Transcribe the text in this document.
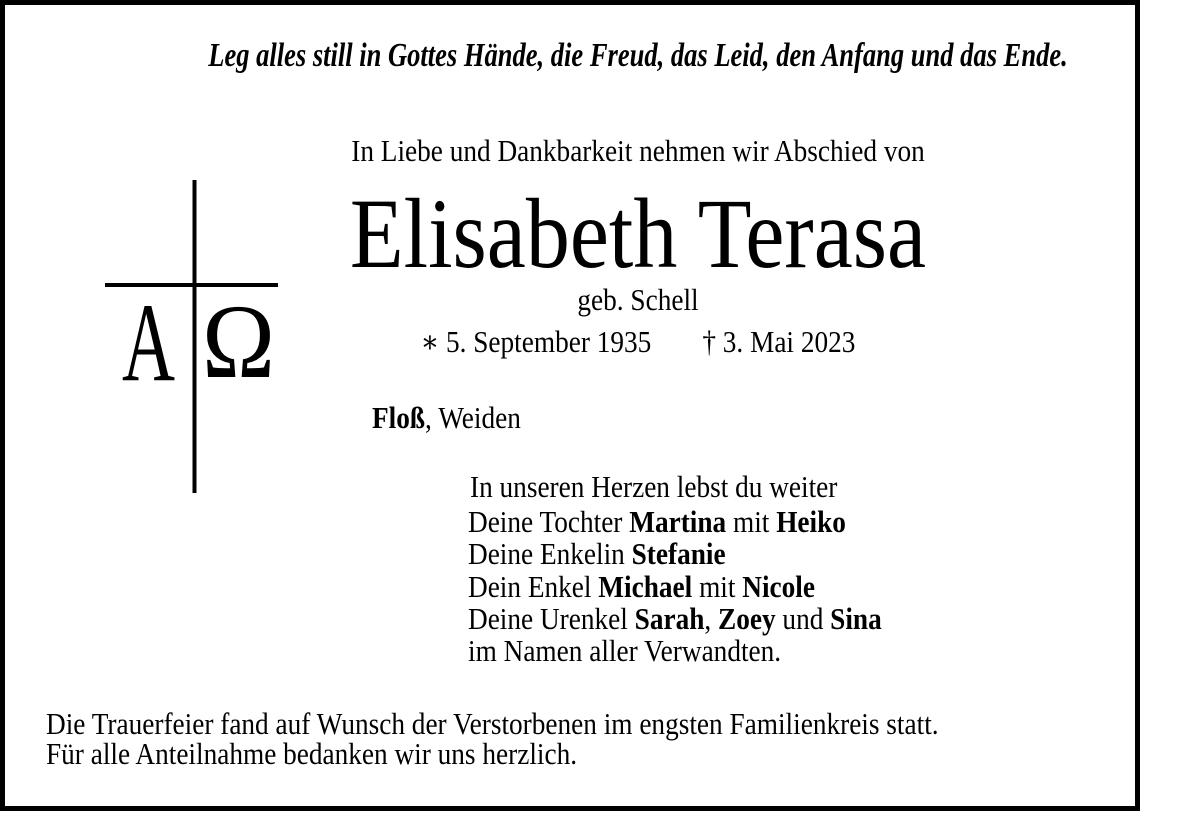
Leg alles still in Gottes Hände, die Freud, das Leid, den Anfang und das Ende.
A Ω
In Liebe und Dankbarkeit nehmen wir Abschied von
Elisabeth Terasa
geb. Schell
∗ 5. September 1935 † 3. Mai 2023
Floß, Weiden
In unseren Herzen lebst du weiter
Deine Tochter Martina mit Heiko
Deine Enkelin Stefanie
Dein Enkel Michael mit Nicole
Deine Urenkel Sarah, Zoey und Sina
im Namen aller Verwandten.
Die Trauerfeier fand auf Wunsch der Verstorbenen im engsten Familienkreis statt.
Für alle Anteilnahme bedanken wir uns herzlich.
